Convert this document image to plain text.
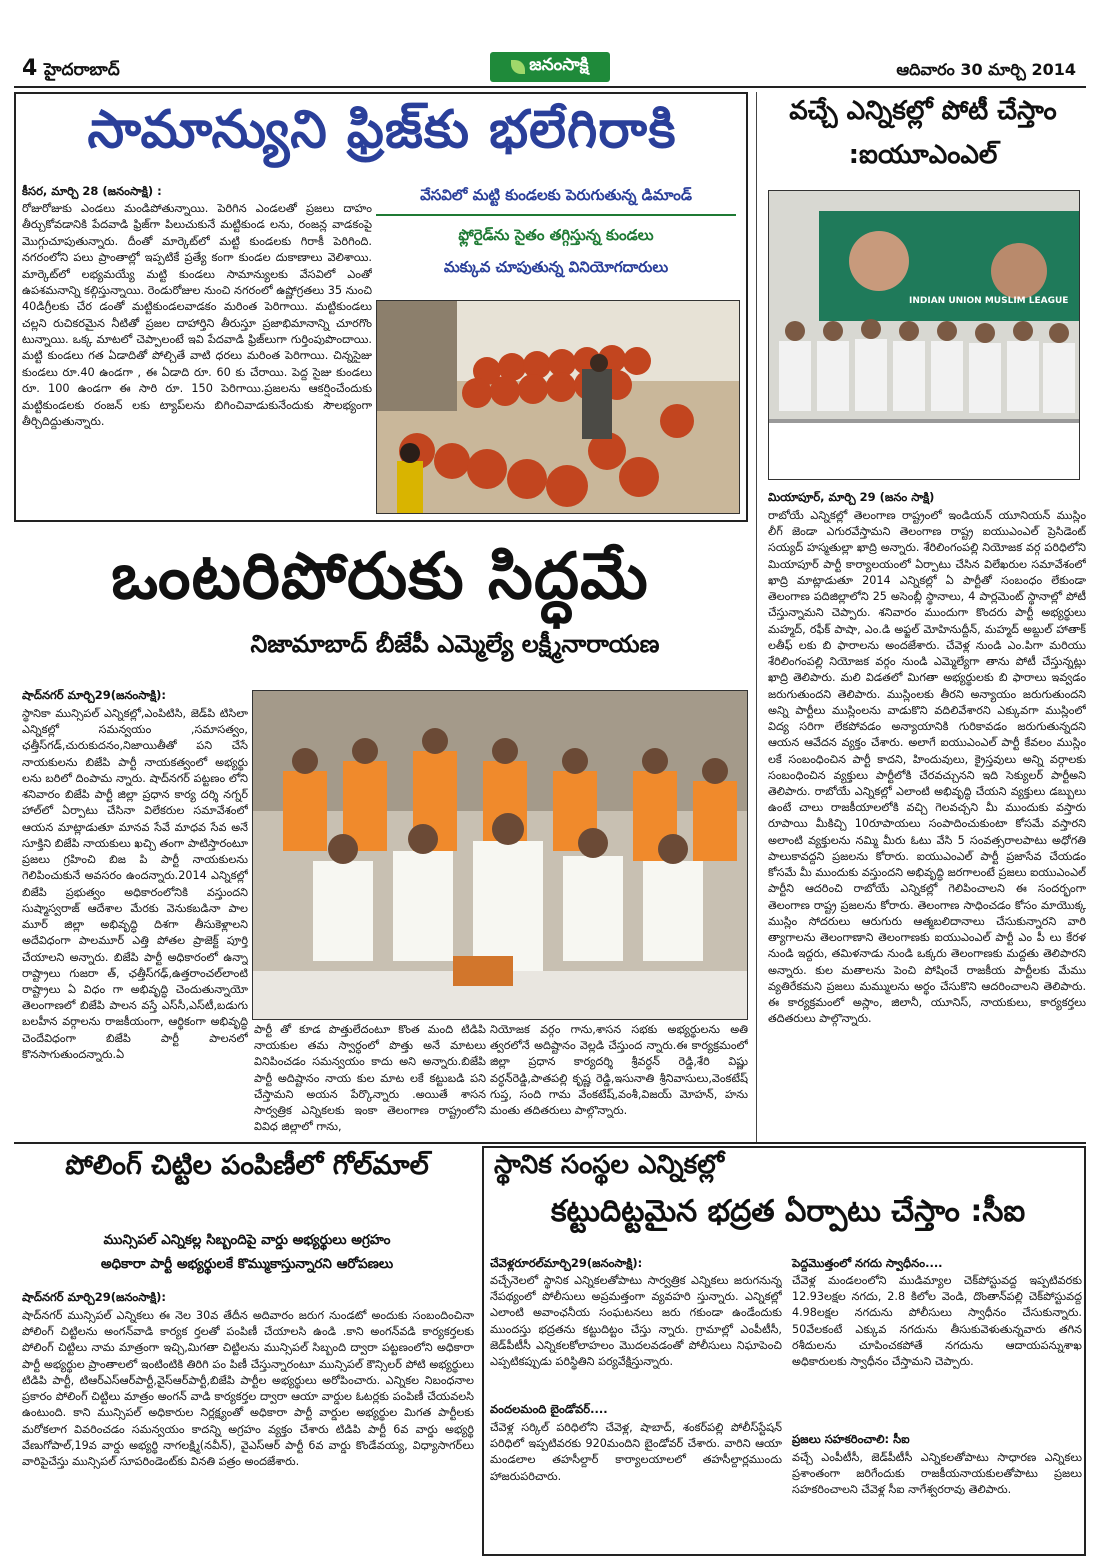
4 హైదరాబాద్	జనంసాక్షి	ఆదివారం 30 మార్చి 2014
సామాన్యుని ఫ్రిజ్‌కు భలేగిరాకి
వేసవిలో మట్టి కుండలకు పెరుగుతున్న డిమాండ్
ఫ్లోరైడ్‌ను సైతం తగ్గిస్తున్న కుండలు
మక్కువ చూపుతున్న వినియోగదారులు
కీసర, మార్చి 28 (జనంసాక్షి) :
రోజురోజుకు ఎండలు మండిపోతున్నాయి. పెరిగిన ఎండలతో ప్రజలు దాహం తీర్చుకోవడానికి పేదవాడి ఫ్రిజ్‌గా పిలుచుకునే మట్టికుండ లను, రంజన్ల వాడకంపై మొగ్గుచూపుతున్నారు. దీంతో మార్కెట్‌లో మట్టి కుండలకు గిరాకీ పెరిగింది. నగరంలోని పలు ప్రాంతాల్లో ఇప్పటికే ప్రత్యే కంగా కుండల దుకాణాలు వెలిశాయి. మార్కెట్‌లో లభ్యమయ్యే మట్టి కుండలు సామాన్యులకు వేసవిలో ఎంతో ఉపశమనాన్ని కల్గిస్తున్నాయి. రెండురోజుల నుంచి నగరంలో ఉష్ణోగ్రతలు 35 నుంచి 40డిగ్రీలకు చేర డంతో మట్టికుండలవాడకం మరింత పెరిగాయి. మట్టికుండలు చల్లని రుచికరమైన నీటితో ప్రజల దాహార్తిని తీరుస్తూ ప్రజాభిమానాన్ని చూరగొం టున్నాయి. ఒక్క మాటలో చెప్పాలంటే ఇవి పేదవాడి ఫ్రిజ్‌లుగా గుర్తింపుపొందాయి. మట్టి కుండలు గత ఏడాదితో పోల్చితే వాటి ధరలు మరింత పెరిగాయి. చిన్నసైజు కుండలు రూ.40 ఉండగా , ఈ ఏడాది రూ. 60 కు చేరాయి. పెద్ద సైజు కుండలు రూ. 100 ఉండగా ఈ సారి రూ. 150 పెరిగాయి.ప్రజలను ఆకర్షించేందుకు మట్టికుండలకు రంజన్ లకు ట్యాప్‌లను బిగించివాడుకునేందుకు సౌలభ్యంగా తీర్చిదిద్దుతున్నారు.
వచ్చే ఎన్నికల్లో పోటీ చేస్తాం
:ఐయూఎంఎల్
INDIAN UNION MUSLIM LEAGUE
మియాపూర్, మార్చి 29 (జనం సాక్షి)
రాబోయే ఎన్నికల్లో తెలంగాణ రాష్ట్రంలో ఇండియన్ యూనియన్ ముస్లిం లీగ్ జెండా ఎగురవేస్తామని తెలంగాణ రాష్ట్ర ఐయుఎంఎల్ ప్రెసిడెంట్ సయ్యద్ హస్మతుల్లా ఖాద్రి అన్నారు. శేరిలింగంపల్లి నియోజక వర్గ పరిధిలోని మియాపూర్ పార్టీ కార్యాలయంలో ఏర్పాటు చేసిన విలేఖరుల సమావేశంలో ఖాద్రి మాట్లాడుతూ 2014 ఎన్నికల్లో ఏ పార్టీతో సంబంధం లేకుండా తెలంగాణ పదిజిల్లాలోని 25 అసెంబ్లీ స్థానాలు, 4 పార్లమెంట్ స్థానాల్లో పోటీ చేస్తున్నామని చెప్పారు. శనివారం ముందుగా కొందరు పార్టీ అభ్యర్థులు మహ్మద్, రఫీక్ పాషా, ఎం.డి అఫ్జల్ మోహినుద్దీన్, మహ్మద్ అబ్దుల్ హాతాక్ లతీఫ్ లకు బి ఫారాలను అందజేశారు. చేవెళ్ల నుండి ఎం.పిగా మరియు శేరిలింగంపల్లి నియోజక వర్గం నుండి ఎమ్మెల్యేగా తాను పోటీ చేస్తున్నట్లు ఖాద్రి తెలిపారు. మలి విడతలో మిగతా అభ్యర్థులకు బి ఫారాలు ఇవ్వడం జరుగుతుందని తెలిపారు. ముస్లింలకు తీరని అన్యాయం జరుగుతుందని అన్ని పార్టీలు ముస్లింలను వాడుకొని వదిలివేశారని ఎక్కువగా ముస్లింలో విద్య సరిగా లేకపోవడం అన్యాయానికి గురికావడం జరుగుతున్నదని ఆయన ఆవేదన వ్యక్తం చేశారు. అలాగే ఐయుఎంఎల్ పార్టీ కేవలం ముస్లిం లకే సంబంధించిన పార్టీ కాదని, హిందువులు, క్రైస్తవులు అన్ని వర్గాలకు సంబంధించిన వ్యక్తులు పార్టీలోకి చేరవచ్చునని ఇది సెక్యులర్ పార్టీఅని తెలిపారు. రాబోయే ఎన్నికల్లో ఎలాంటి అభివృద్ధి చేయని వ్యక్తులు డబ్బులు ఉంటే చాలు రాజకీయాలలోకి వచ్చి గెలవచ్చని మీ ముందుకు వస్తారు రూపాయి మీకిచ్చి 10రూపాయలు సంపాదించుకుంటా కోసమే వస్తారని అలాంటి వ్యక్తులను నమ్మి మీరు ఓటు వేసి 5 సంవత్సరాలపాటు అధోగతి పాలుకావద్దని ప్రజలను కోరారు. ఐయుఎంఎల్ పార్టీ ప్రజాసేవ చేయడం కోసమే మీ ముందుకు వస్తుందని అభివృద్ధి జరగాలంటే ప్రజలు ఐయుఎంఎల్ పార్టీని ఆదరించి రాబోయే ఎన్నికల్లో గెలిపించాలని ఈ సందర్భంగా తెలంగాణ రాష్ట్ర ప్రజలను కోరారు. తెలంగాణ సాధించడం కోసం మాయొక్క ముస్లిం సోదరులు ఆరుగురు ఆత్మబలిదానాలు చేసుకున్నారని వారి త్యాగాలను తెలంగాణాని తెలంగాణకు ఐయుఎంఎల్ పార్టీ ఎం పీ లు కేరళ నుండి ఇద్దరు, తమిళనాడు నుండి ఒక్కరు తెలంగాణకు మద్దతు తెలిపారని అన్నారు. కుల మతాలను పెంచి పోషించే రాజకీయ పార్టీలకు మేము వ్యతిరేకమని ప్రజలు మమ్ములను అర్థం చేసుకొని ఆదరించాలని తెలిపారు. ఈ కార్యక్రమంలో అస్లాం, జిలానీ, యూనిస్, నాయకులు, కార్యకర్తలు తదితరులు పాల్గొన్నారు.
ఒంటరిపోరుకు సిద్ధమే
నిజామాబాద్ బీజేపీ ఎమ్మెల్యే లక్ష్మీనారాయణ
షాద్‌నగర్ మార్చి29(జనంసాక్షి):
స్థానికా మున్సిపల్ ఎన్నికల్లో,ఎంపిటిసి, జెడ్‌పి టిసిలా ఎన్నికల్లో సమన్వయం ,సమాసత్వం, ఛత్తీస్‌గడ్,చురుకుదనం,నిజాయితీతో పని చేసే నాయకులను బిజేపి పార్టీ నాయకత్వంలో అభ్యర్థు లను బరిలో దింపామ న్నారు. షాద్‌నగర్ పట్టణం లోని శనివారం బిజేపి పార్టీ జిల్లా ప్రధాన కార్య దర్శి నగ్నర్ హాల్‌లో ఏర్పాటు చేసినా విలేకరుల సమావేశంలో ఆయన మాట్లాడుతూ మానవ సేవే మాధవ సేవ అనే సూక్తిని బిజేపి నాయకులు ఖచ్చి తంగా పాటిస్తారంటూ ప్రజలు గ్రహించి బిజ పి పార్టీ నాయకులను గెలిపించుకునే అవసరం ఉందన్నారు.2014 ఎన్నికల్లో బిజేపి ప్రభుత్వం అధికారంలోనికి వస్తుందని సుష్మాస్వరాజ్ ఆదేశాల మేరకు వెనుకబడినా పాల మూర్ జిల్లా అభివృద్ధి దిశగా తీసుకెళ్లాలని అదేవిధంగా పాలమూర్ ఎత్తి పోతల ప్రాజెక్ట్ పూర్తి చేయాలని అన్నారు. బిజేపి పార్టీ అధికారంలో ఉన్నా రాష్ట్రాలు గుజరా త్, ఛత్తీస్‌గఢ్,ఉత్తరాంచల్‌లాంటి రాష్ట్రాలు ఏ విధం గా అభివృద్ధి చెందుతున్నాయో తెలంగాణలో బిజేపి పాలన వస్తే ఎస్‌సీ,ఎస్‌టీ,బడుగు బలహీన వర్గాలను రాజకీయంగా, ఆర్థికంగా అభివృద్ధి చెందేవిధంగా బిజేపి పార్టీ పాలనలో కొనసాగుతుందన్నారు.ఏ
పార్టీ తో కూడ పొత్తులేదంటూ కొంత మంది టిడిపి నాయకుల తమ స్వార్ధంలో పొత్తు అనే మాటలు వినిపించడం సమన్వయం కాదు అని అన్నారు.బిజేపి పార్టీ అదిష్టానం నాయ కుల మాట లకే కట్టుబడి పని చేస్తామని అయన పేర్కొన్నారు .అయితే శాసన సార్వత్రిక ఎన్నికలకు ఇంకా తెలంగాణ రాష్ట్రంలోని వివిధ జిల్లాలో గాను,
నియోజక వర్గం గాను,శాసన సభకు అభ్యర్థులను అతి త్వరలోనే అదిష్టానం వెల్లడి చేస్తుంద న్నారు.ఈ కార్యక్రమంలో జిల్లా ప్రధాన కార్యదర్శి శ్రీవర్ధన్ రెడ్డి,శేరి విష్ణు వర్ధన్‌రెడ్డి,పాతపల్లి కృష్ణ రెడ్డి,ఇసునాతి శ్రీనివాసులు,వెంకటేష్ గుప్త, సంది గామ వేంకటేష్,వంశీ,విజయ్ మోహన్, హను మంతు తదితరులు పాల్గొన్నారు.
పోలింగ్ చిట్టిల పంపిణీలో గోల్‌మాల్
మున్సిపల్ ఎన్నికల్ల సిబ్బందిపై వార్డు అభ్యర్థులు అగ్రహం
అధికారా పార్టీ అభ్యర్థులకే కొమ్ముకాస్తున్నారని ఆరోపణలు
షాద్‌నగర్ మార్చి29(జనంసాక్షి):
షాద్‌నగర్ మున్సిపల్ ఎన్నికలు ఈ నెల 30వ తేదీన అదివారం జరుగ నుండటో అందుకు సంబందించినా పోలింగ్ చిట్టిలను అంగన్‌వాడి కార్యక ర్తలతో పంపిణీ చేయాలసి ఉండి .కాని అంగన్‌వడి కార్యకర్తలకు పోలింగ్ చిట్టిలు నామ మాత్రంగా ఇచ్చి,మిగతా చిట్టిలను మున్సిపల్ సిబ్బంది ద్వారా పట్టణంలోని అధికారా పార్టీ అభ్యర్థుల ప్రాంతాలలో ఇంటింటికి తిరిగి పం పిణీ చేస్తున్నారంటూ మున్సిపల్ కౌన్సిలర్ పోటి అభ్యర్థులు టిడిపి పార్టీ, టిఆర్‌ఎస్‌ఆర్‌పార్టీ,వైస్‌ఆర్‌పార్టీ,బిజేపి పార్టీల అభ్యర్థులు అరోపించారు. ఎన్నికల నిబంధనాల ప్రకారం పోలింగ్ చిట్టిలు మాత్రం అంగన్ వాడి కార్యకర్తల ద్వారా ఆయా వార్డుల ఓటర్లకు పంపిణీ చేయవలసి ఉంటుంది. కాని మున్సిపల్ అధికారుల నిర్లక్ష్యంతో అధికారా పార్టీ వార్డుల అభ్యర్థుల మిగత పార్టీలకు మరోకలాగ వివరించడం సమన్వయం కాదన్ని అగ్రహం వ్యక్తం చేశారు టిడిపి పార్టీ 6వ వార్డు అభ్యర్థి వేణుగోపాల్,19వ వార్డు అభ్యర్థి నాగలక్ష్మి(నవీన్), వైఎస్ఆర్ పార్టీ 6వ వార్డు కొండేవయ్య, విధ్యాసాగర్‌లు వారిపైచేస్తు మున్సిపల్ సూపరిండెంట్‌కు వినతి పత్రం అందజేశారు.
స్థానిక సంస్థల ఎన్నికల్లో
కట్టుదిట్టమైన భద్రత ఏర్పాటు చేస్తాం :సీఐ
చేవెళ్లరూరల్‌మార్చి29(జనంసాక్షి):
వచ్చేనెలలో స్థానిక ఎన్నికలతోపాటు సార్వత్రిక ఎన్నికలు జరుగనున్న నేపథ్యంలో పోలీసులు అప్రమత్తంగా వ్యవహరి స్తున్నారు. ఎన్నికల్లో ఎలాంటి అవాంఛనీయ సంఘటనలు జరు గకుండా ఉండేందుకు ముందస్తు భద్రతను కట్టుదిట్టం చేస్తు న్నారు. గ్రామాల్లో ఎంపీటీసీ, జెడ్‌పీటీసీ ఎన్నికలకోలాహలం మొదలవడంతో పోలీసులు నిఘాపెంచి ఎప్పటికప్పుడు పరిస్థితిని పర్యవేక్షిస్తున్నారు.
వందలమంది బైండోవర్....
చేవెళ్ల సర్కిల్ పరిధిలోని చేవెళ్ల, షాబాద్, శంకర్‌పల్లి పోలీస్‌స్టేషన్ పరిధిలో ఇప్పటివరకు 920మందిని బైండోవర్ చేశారు. వారిని ఆయా మండలాల తహసీల్దార్ కార్యాలయాలలో తహసీల్దార్లముందు హాజరుపరిచారు.
పెద్దమొత్తంలో నగదు స్వాధీనం....
చేవెళ్ల మండలంలోని ముడిమ్యాల చెక్‌పోస్టువద్ద ఇప్పటివరకు 12.93లక్షల నగదు, 2.8 కిలోల వెండి, దొంతాన్‌పల్లి చెక్‌పోస్టువద్ద 4.98లక్షల నగదును పోలీసులు స్వాధీనం చేసుకున్నారు. 50వేలకంటే ఎక్కువ నగదును తీసుకువెళుతున్నవారు తగిన రశీదులను చూపించకపోతే నగదును ఆదాయపన్నుశాఖ అధికారులకు స్వాధీనం చేస్తామని చెప్పారు.
ప్రజలు సహకరించాలి: సీఐ
వచ్చే ఎంపీటీసీ, జెడ్‌పీటీసీ ఎన్నికలతోపాటు సాధారణ ఎన్నికలు ప్రశాంతంగా జరిగేందుకు రాజకీయనాయకులతోపాటు ప్రజలు సహకరించాలని చేవెళ్ల సీఐ నాగేశ్వరరావు తెలిపారు.
